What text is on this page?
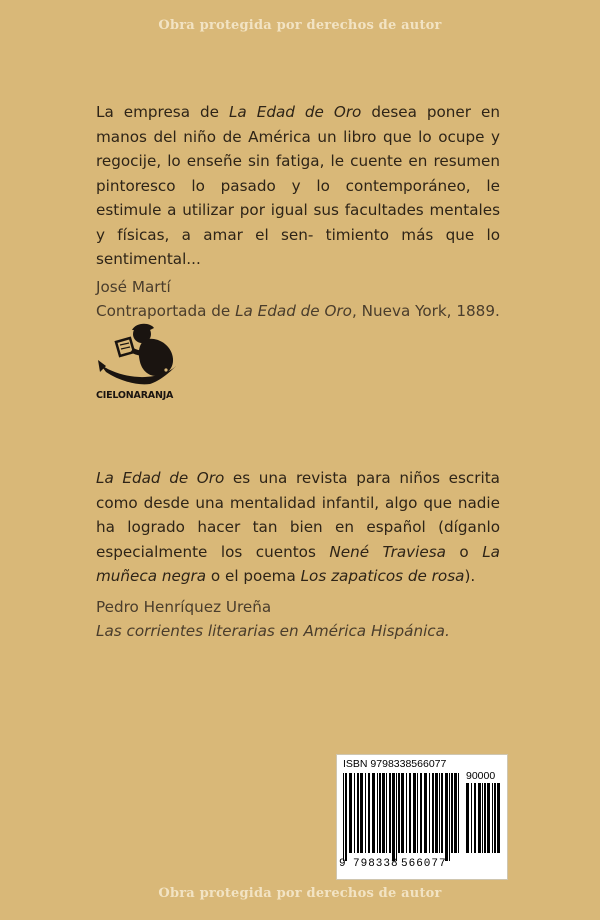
Obra protegida por derechos de autor

La empresa de La Edad de Oro desea poner en manos del niño de América un libro que lo ocupe y regocije, lo enseñe sin fatiga, le cuente en resumen pintoresco lo pasado y lo contemporáneo, le estimule a utilizar por igual sus facultades mentales y físicas, a amar el sen- timiento más que lo sentimental...

José Martí
Contraportada de La Edad de Oro, Nueva York, 1889.
CIELONARANJA

La Edad de Oro es una revista para niños escrita como desde una mentalidad infantil, algo que nadie ha logrado hacer tan bien en español (díganlo especialmente los cuentos Nené Traviesa o La muñeca negra o el poema Los zapaticos de rosa).

Pedro Henríquez Ureña
Las corrientes literarias en América Hispánica.
ISBN 9798338566077
90000
9 798338 566077
Obra protegida por derechos de autor
